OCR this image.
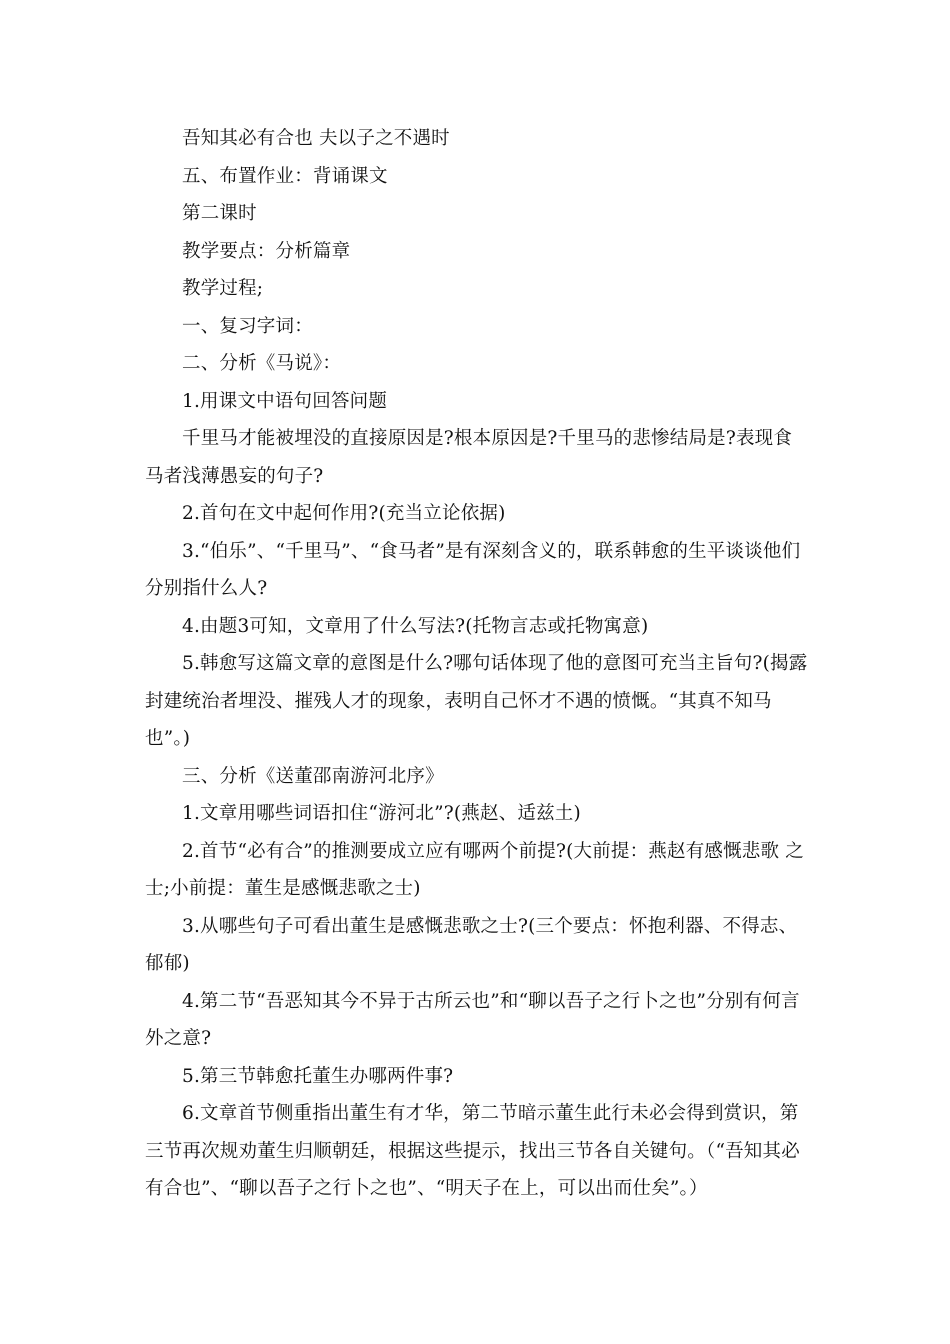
吾知其必有合也 夫以子之不遇时

五、布置作业：背诵课文

第二课时

教学要点：分析篇章

教学过程;

一、复习字词：

二、分析《马说》：

1.用课文中语句回答问题

千里马才能被埋没的直接原因是?根本原因是?千里马的悲惨结局是?表现食马者浅薄愚妄的句子?

2.首句在文中起何作用?(充当立论依据)

3.“伯乐”、“千里马”、“食马者”是有深刻含义的，联系韩愈的生平谈谈他们分别指什么人?

4.由题3可知，文章用了什么写法?(托物言志或托物寓意)

5.韩愈写这篇文章的意图是什么?哪句话体现了他的意图可充当主旨句?(揭露封建统治者埋没、摧残人才的现象，表明自己怀才不遇的愤慨。“其真不知马也”。)

三、分析《送董邵南游河北序》

1.文章用哪些词语扣住“游河北”?(燕赵、适兹土)

2.首节“必有合”的推测要成立应有哪两个前提?(大前提：燕赵有感慨悲歌 之士;小前提：董生是感慨悲歌之士)

3.从哪些句子可看出董生是感慨悲歌之士?(三个要点：怀抱利器、不得志、郁郁)

4.第二节“吾恶知其今不异于古所云也”和“聊以吾子之行卜之也”分别有何言外之意?

5.第三节韩愈托董生办哪两件事?

6.文章首节侧重指出董生有才华，第二节暗示董生此行未必会得到赏识，第三节再次规劝董生归顺朝廷，根据这些提示，找出三节各自关键句。（“吾知其必有合也”、“聊以吾子之行卜之也”、“明天子在上，可以出而仕矣”。）
